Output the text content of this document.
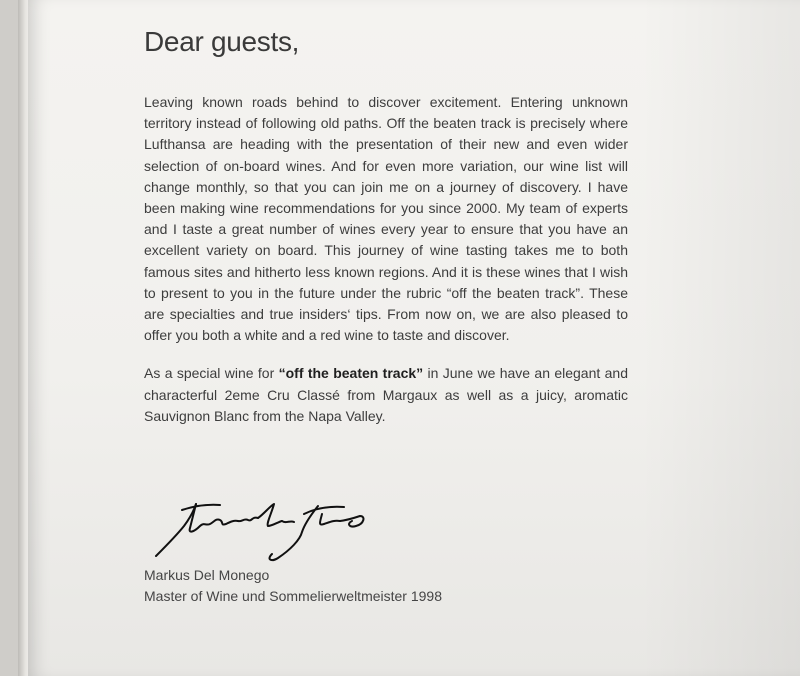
Dear guests,

Leaving known roads behind to discover excitement. Entering unknown territory instead of following old paths. Off the beaten track is precisely where Lufthansa are heading with the presentation of their new and even wider selection of on-board wines. And for even more variation, our wine list will change monthly, so that you can join me on a journey of discovery. I have been making wine recommendations for you since 2000. My team of experts and I taste a great number of wines every year to ensure that you have an excellent variety on board. This journey of wine tasting takes me to both famous sites and hitherto less known regions. And it is these wines that I wish to present to you in the future under the rubric “off the beaten track”. These are specialties and true insiders‘ tips. From now on, we are also pleased to offer you both a white and a red wine to taste and discover.

As a special wine for “off the beaten track” in June we have an elegant and characterful 2eme Cru Classé from Margaux as well as a juicy, aromatic Sauvignon Blanc from the Napa Valley.

Markus Del Monego
Master of Wine und Sommelierweltmeister 1998
